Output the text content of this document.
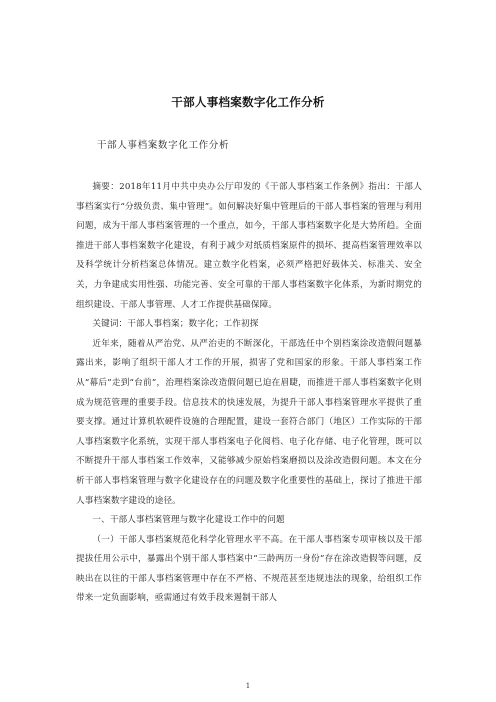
干部人事档案数字化工作分析
干部人事档案数字化工作分析

摘要：2018年11月中共中央办公厅印发的《干部人事档案工作条例》指出：干部人事档案实行“分级负责、集中管理”。如何解决好集中管理后的干部人事档案的管理与利用问题，成为干部人事档案管理的一个重点，如今，干部人事档案数字化是大势所趋。全面推进干部人事档案数字化建设，有利于减少对纸质档案原件的损坏、提高档案管理效率以及科学统计分析档案总体情况。建立数字化档案，必须严格把好载体关、标准关、安全关，力争建成实用性强、功能完善、安全可靠的干部人事档案数字化体系，为新时期党的组织建设、干部人事管理、人才工作提供基础保障。

关键词：干部人事档案；数字化；工作初探

近年来，随着从严治党、从严治吏的不断深化，干部选任中个别档案涂改造假问题暴露出来，影响了组织干部人才工作的开展，损害了党和国家的形象。干部人事档案工作从“幕后”走到“台前”，治理档案涂改造假问题已迫在眉睫，而推进干部人事档案数字化则成为规范管理的重要手段。信息技术的快速发展，为提升干部人事档案管理水平提供了重要支撑。通过计算机软硬件设施的合理配置，建设一套符合部门（地区）工作实际的干部人事档案数字化系统，实现干部人事档案电子化阅档、电子化存储、电子化管理，既可以不断提升干部人事档案工作效率，又能够减少原始档案磨损以及涂改造假问题。本文在分析干部人事档案管理与数字化建设存在的问题及数字化重要性的基础上，探讨了推进干部人事档案数字建设的途径。

一、干部人事档案管理与数字化建设工作中的问题

（一）干部人事档案规范化科学化管理水平不高。在干部人事档案专项审核以及干部提拔任用公示中，暴露出个别干部人事档案中“三龄两历一身份”存在涂改造假等问题，反映出在以往的干部人事档案管理中存在不严格、不规范甚至违规违法的现象，给组织工作带来一定负面影响，亟需通过有效手段来遏制干部人

1
